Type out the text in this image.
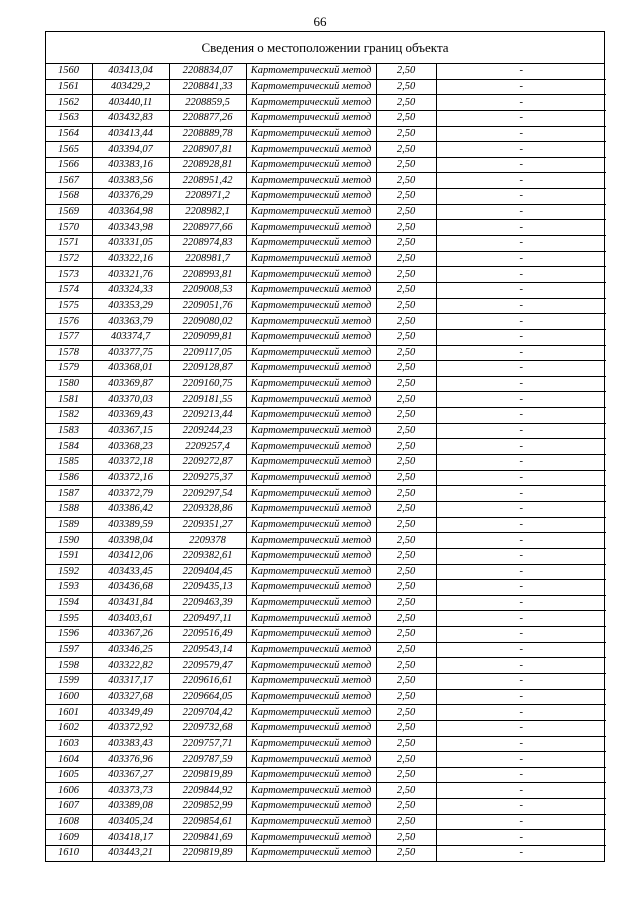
66
Сведения о местоположении границ объекта
1560	403413,04	2208834,07	Картометрический метод	2,50	-
1561	403429,2	2208841,33	Картометрический метод	2,50	-
1562	403440,11	2208859,5	Картометрический метод	2,50	-
1563	403432,83	2208877,26	Картометрический метод	2,50	-
1564	403413,44	2208889,78	Картометрический метод	2,50	-
1565	403394,07	2208907,81	Картометрический метод	2,50	-
1566	403383,16	2208928,81	Картометрический метод	2,50	-
1567	403383,56	2208951,42	Картометрический метод	2,50	-
1568	403376,29	2208971,2	Картометрический метод	2,50	-
1569	403364,98	2208982,1	Картометрический метод	2,50	-
1570	403343,98	2208977,66	Картометрический метод	2,50	-
1571	403331,05	2208974,83	Картометрический метод	2,50	-
1572	403322,16	2208981,7	Картометрический метод	2,50	-
1573	403321,76	2208993,81	Картометрический метод	2,50	-
1574	403324,33	2209008,53	Картометрический метод	2,50	-
1575	403353,29	2209051,76	Картометрический метод	2,50	-
1576	403363,79	2209080,02	Картометрический метод	2,50	-
1577	403374,7	2209099,81	Картометрический метод	2,50	-
1578	403377,75	2209117,05	Картометрический метод	2,50	-
1579	403368,01	2209128,87	Картометрический метод	2,50	-
1580	403369,87	2209160,75	Картометрический метод	2,50	-
1581	403370,03	2209181,55	Картометрический метод	2,50	-
1582	403369,43	2209213,44	Картометрический метод	2,50	-
1583	403367,15	2209244,23	Картометрический метод	2,50	-
1584	403368,23	2209257,4	Картометрический метод	2,50	-
1585	403372,18	2209272,87	Картометрический метод	2,50	-
1586	403372,16	2209275,37	Картометрический метод	2,50	-
1587	403372,79	2209297,54	Картометрический метод	2,50	-
1588	403386,42	2209328,86	Картометрический метод	2,50	-
1589	403389,59	2209351,27	Картометрический метод	2,50	-
1590	403398,04	2209378	Картометрический метод	2,50	-
1591	403412,06	2209382,61	Картометрический метод	2,50	-
1592	403433,45	2209404,45	Картометрический метод	2,50	-
1593	403436,68	2209435,13	Картометрический метод	2,50	-
1594	403431,84	2209463,39	Картометрический метод	2,50	-
1595	403403,61	2209497,11	Картометрический метод	2,50	-
1596	403367,26	2209516,49	Картометрический метод	2,50	-
1597	403346,25	2209543,14	Картометрический метод	2,50	-
1598	403322,82	2209579,47	Картометрический метод	2,50	-
1599	403317,17	2209616,61	Картометрический метод	2,50	-
1600	403327,68	2209664,05	Картометрический метод	2,50	-
1601	403349,49	2209704,42	Картометрический метод	2,50	-
1602	403372,92	2209732,68	Картометрический метод	2,50	-
1603	403383,43	2209757,71	Картометрический метод	2,50	-
1604	403376,96	2209787,59	Картометрический метод	2,50	-
1605	403367,27	2209819,89	Картометрический метод	2,50	-
1606	403373,73	2209844,92	Картометрический метод	2,50	-
1607	403389,08	2209852,99	Картометрический метод	2,50	-
1608	403405,24	2209854,61	Картометрический метод	2,50	-
1609	403418,17	2209841,69	Картометрический метод	2,50	-
1610	403443,21	2209819,89	Картометрический метод	2,50	-
